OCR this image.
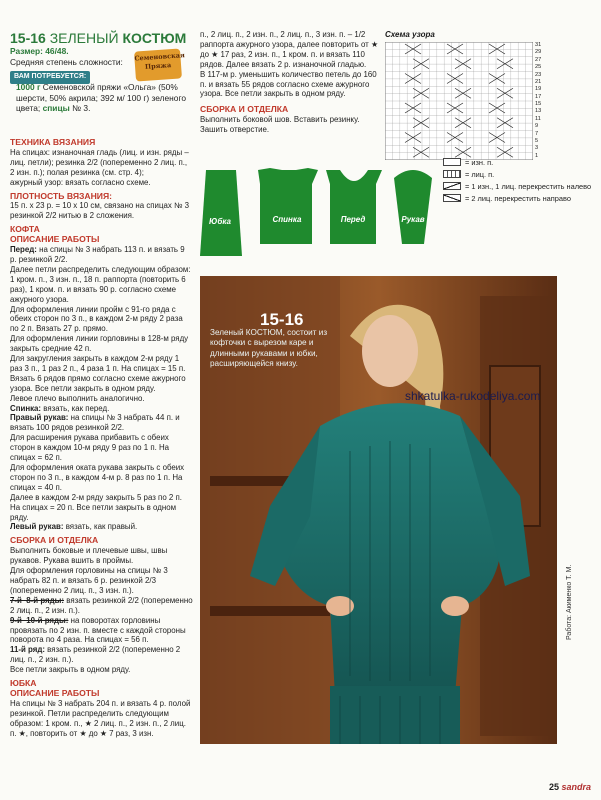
15-16 ЗЕЛЕНЫЙ КОСТЮМ
Размер: 46/48.
Средняя степень сложности:
ВАМ ПОТРЕБУЕТСЯ:
Семеновская
Пряжа
1000 г Семеновской пряжи «Ольга» (50% шерсти, 50% акрила; 392 м/ 100 г) зеленого цвета; спицы № 3.
ТЕХНИКА ВЯЗАНИЯ

На спицах: изнаночная гладь (лиц. и изн. ряды – лиц. петли); резинка 2/2 (попеременно 2 лиц. п., 2 изн. п.); полая резинка (см. стр. 4);

ажурный узор: вязать согласно схеме.

ПЛОТНОСТЬ ВЯЗАНИЯ:

15 п. х 23 р. = 10 х 10 см, связано на спицах № 3 резинкой 2/2 нитью в 2 сложения.

КОФТА
ОПИСАНИЕ РАБОТЫ

Перед: на спицы № 3 набрать 113 п. и вязать 9 р. резинкой 2/2.

Далее петли распределить следующим образом: 1 кром. п., 3 изн. п., 18 п. раппорта (повторить 6 раз), 1 кром. п. и вязать 90 р. согласно схеме ажурного узора.

Для оформления линии пройм с 91-го ряда с обеих сторон по 3 п., в каждом 2-м ряду 2 раза по 2 п. Вязать 27 р. прямо.

Для оформления линии горловины в 128-м ряду закрыть средние 42 п.

Для закругления закрыть в каждом 2-м ряду 1 раз 3 п., 1 раз 2 п., 4 раза 1 п. На спицах = 15 п. Вязать 6 рядов прямо согласно схеме ажурного узора. Все петли закрыть в одном ряду.

Левое плечо выполнить аналогично.

Спинка: вязать, как перед.

Правый рукав: на спицы № 3 набрать 44 п. и вязать 100 рядов резинкой 2/2.

Для расширения рукава прибавить с обеих сторон в каждом 10-м ряду 9 раз по 1 п. На спицах = 62 п.

Для оформления оката рукава закрыть с обеих сторон по 3 п., в каждом 4-м р. 8 раз по 1 п. На спицах = 40 п.

Далее в каждом 2-м ряду закрыть 5 раз по 2 п. На спицах = 20 п. Все петли закрыть в одном ряду.

Левый рукав: вязать, как правый.

СБОРКА И ОТДЕЛКА

Выполнить боковые и плечевые швы, швы рукавов. Рукава вшить в проймы.

Для оформления горловины на спицы № 3 набрать 82 п. и вязать 6 р. резинкой 2/3 (попеременно 2 лиц. п., 3 изн. п.).

7-й–8-й ряды: вязать резинкой 2/2 (попеременно 2 лиц. п., 2 изн. п.).

9-й–10-й ряды: на поворотах горловины провязать по 2 изн. п. вместе с каждой стороны поворота по 4 раза. На спицах = 56 п.

11-й ряд: вязать резинкой 2/2 (попеременно 2 лиц. п., 2 изн. п.).

Все петли закрыть в одном ряду.

ЮБКА
ОПИСАНИЕ РАБОТЫ

На спицы № 3 набрать 204 п. и вязать 4 р. полой резинкой. Петли распределить следующим образом: 1 кром. п., ★ 2 лиц. п., 2 изн. п., 2 лиц. п. ★, повторить от ★ до ★ 7 раз, 3 изн.

п., 2 лиц. п., 2 изн. п., 2 лиц. п., 3 изн. п. – 1/2 раппорта ажурного узора, далее повторить от ★ до ★ 17 раз, 2 изн. п., 1 кром. п. и вязать 110 рядов. Далее вязать 2 р. изнаночной гладью.

В 117-м р. уменьшить количество петель до 160 п. и вязать 55 рядов согласно схеме ажурного узора. Все петли закрыть в одном ряду.

СБОРКА И ОТДЕЛКА

Выполнить боковой шов. Вставить резинку. Зашить отверстие.

Юбка	Спинка	Перед	Рукав
Схема узора
31
29
27
25
23
21
19
17
15
13
11
9
7
5
3
1
= изн. п.
= лиц. п.
= 1 изн., 1 лиц. перекрестить налево
= 2 лиц. перекрестить направо
15-16
Зеленый КОСТЮМ, состоит из кофточки с вырезом каре и длинными рукавами и юбки, расширяющейся книзу.
shkatulka-rukodeliya.com
Работа: Акименко Т. М.
25 sandra
